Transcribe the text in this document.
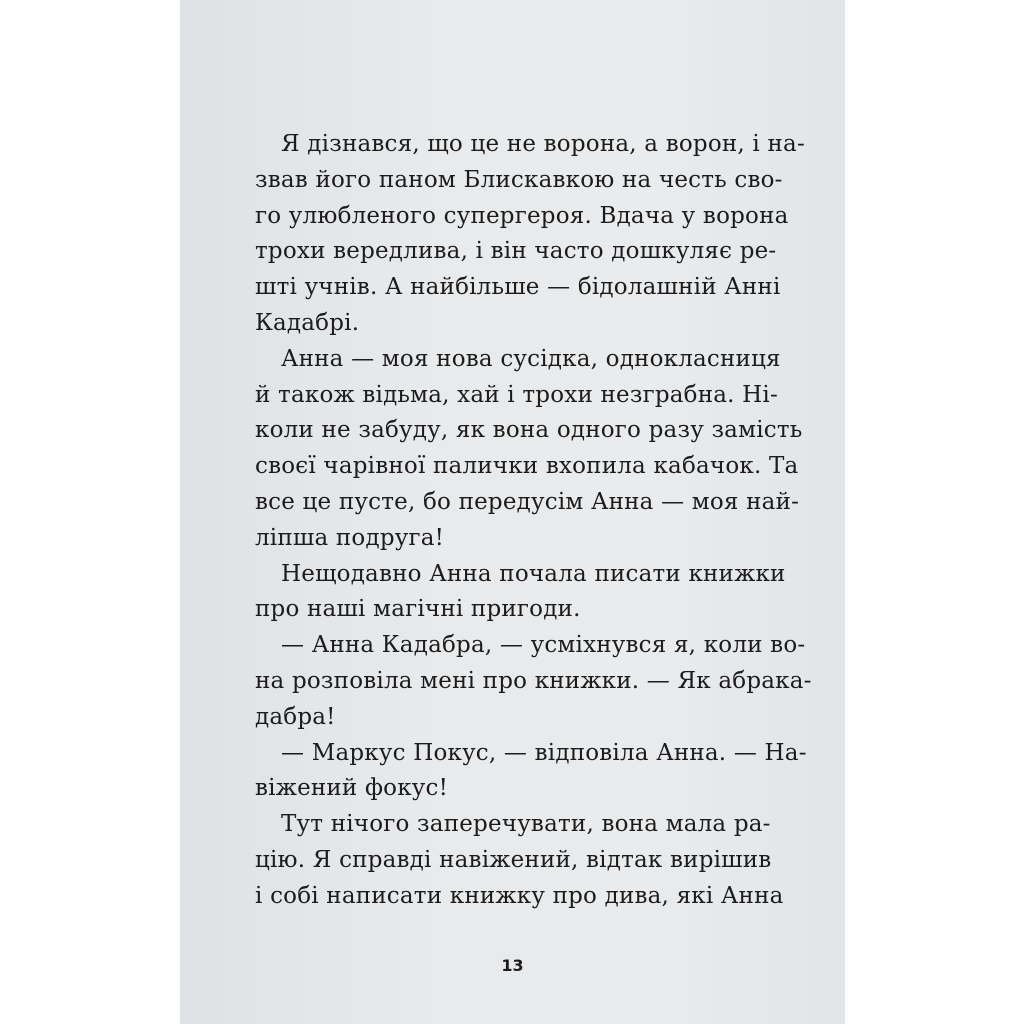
Я дізнався, що це не ворона, а ворон, і на-
звав його паном Блискавкою на честь сво-
го улюбленого супергероя. Вдача у ворона
трохи вередлива, і він часто дошкуляє ре-
шті учнів. А найбільше — бідолашній Анні
Кадабрі.
Анна — моя нова сусідка, однокласниця
й також відьма, хай і трохи незграбна. Ні-
коли не забуду, як вона одного разу замість
своєї чарівної палички вхопила кабачок. Та
все це пусте, бо передусім Анна — моя най-
ліпша подруга!
Нещодавно Анна почала писати книжки
про наші магічні пригоди.
— Анна Кадабра, — усміхнувся я, коли во-
на розповіла мені про книжки. — Як абрака-
дабра!
— Маркус Покус, — відповіла Анна. — На-
віжений фокус!
Тут нічого заперечувати, вона мала ра-
цію. Я справді навіжений, відтак вирішив
і собі написати книжку про дива, які Анна
13
